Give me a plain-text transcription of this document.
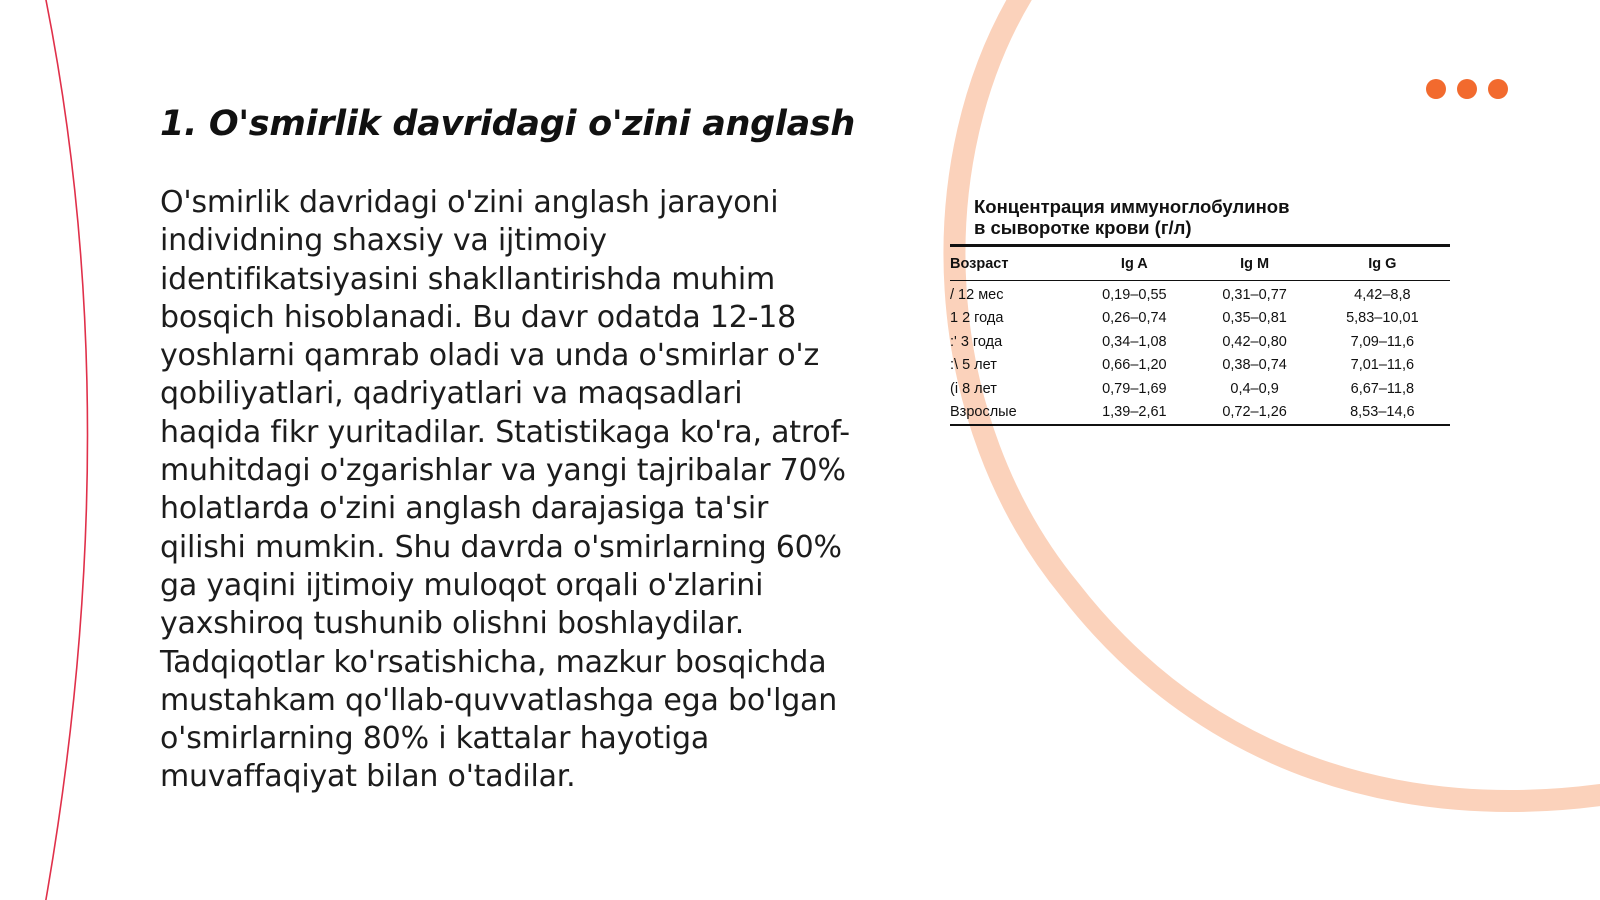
1. O'smirlik davridagi o'zini anglash

O'smirlik davridagi o'zini anglash jarayoni individning shaxsiy va ijtimoiy identifikatsiyasini shakllantirishda muhim bosqich hisoblanadi. Bu davr odatda 12-18 yoshlarni qamrab oladi va unda o'smirlar o'z qobiliyatlari, qadriyatlari va maqsadlari haqida fikr yuritadilar. Statistikaga ko'ra, atrof-muhitdagi o'zgarishlar va yangi tajribalar 70% holatlarda o'zini anglash darajasiga ta'sir qilishi mumkin. Shu davrda o'smirlarning 60% ga yaqini ijtimoiy muloqot orqali o'zlarini yaxshiroq tushunib olishni boshlaydilar. Tadqiqotlar ko'rsatishicha, mazkur bosqichda mustahkam qo'llab-quvvatlashga ega bo'lgan o'smirlarning 80% i kattalar hayotiga muvaffaqiyat bilan o'tadilar.

Концентрация иммуноглобулинов
в сыворотке крови (г/л)
Возраст	Ig A	Ig M	Ig G
/ 12 мес	0,19–0,55	0,31–0,77	4,42–8,8
1 2 года	0,26–0,74	0,35–0,81	5,83–10,01
:' 3 года	0,34–1,08	0,42–0,80	7,09–11,6
:\ 5 лет	0,66–1,20	0,38–0,74	7,01–11,6
(i 8 лет	0,79–1,69	0,4–0,9	6,67–11,8
Взрослые	1,39–2,61	0,72–1,26	8,53–14,6
